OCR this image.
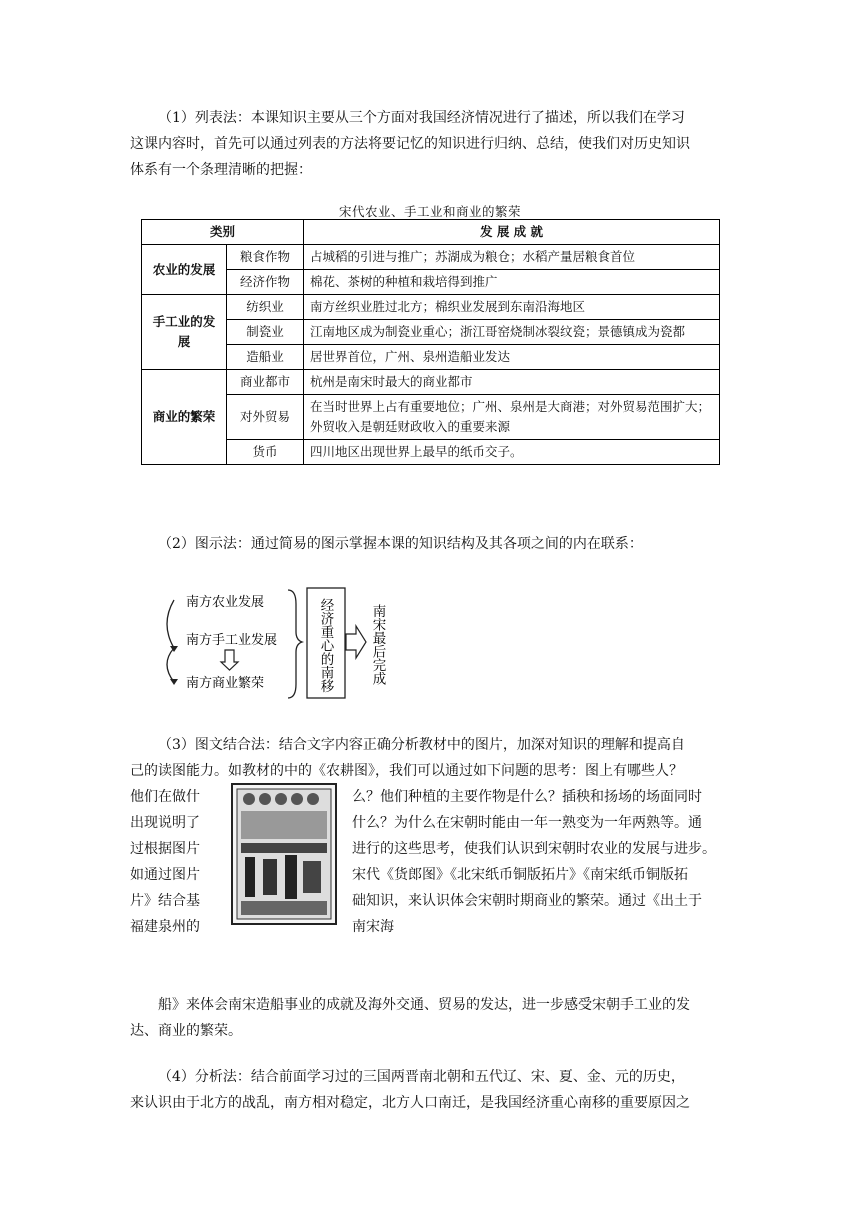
（1）列表法：本课知识主要从三个方面对我国经济情况进行了描述，所以我们在学习
这课内容时，首先可以通过列表的方法将要记忆的知识进行归纳、总结，使我们对历史知识
体系有一个条理清晰的把握：
宋代农业、手工业和商业的繁荣
类别		发 展 成 就
农业的发展	粮食作物	占城稻的引进与推广；苏湖成为粮仓；水稻产量居粮食首位
	经济作物	棉花、茶树的种植和栽培得到推广
手工业的发展	纺织业	南方丝织业胜过北方；棉织业发展到东南沿海地区
	制瓷业	江南地区成为制瓷业重心；浙江哥窑烧制冰裂纹瓷；景德镇成为瓷都
	造船业	居世界首位，广州、泉州造船业发达
商业的繁荣	商业都市	杭州是南宋时最大的商业都市
	对外贸易	在当时世界上占有重要地位；广州、泉州是大商港；对外贸易范围扩大；
外贸收入是朝廷财政收入的重要来源
	货币	四川地区出现世界上最早的纸币交子。
（2）图示法：通过简易的图示掌握本课的知识结构及其各项之间的内在联系：
南方农业发展
南方手工业发展
南方商业繁荣	经济重心的南移	南宋最后完成
（3）图文结合法：结合文字内容正确分析教材中的图片，加深对知识的理解和提高自
己的读图能力。如教材的中的《农耕图》，我们可以通过如下问题的思考：图上有哪些人？
他们在做什
出现说明了
过根据图片
如通过图片
片》结合基
福建泉州的
么？他们种植的主要作物是什么？插秧和扬场的场面同时
什么？为什么在宋朝时能由一年一熟变为一年两熟等。通
进行的这些思考，使我们认识到宋朝时农业的发展与进步。
宋代《货郎图》《北宋纸币铜版拓片》《南宋纸币铜版拓
础知识，来认识体会宋朝时期商业的繁荣。通过《出土于
南宋海
船》来体会南宋造船事业的成就及海外交通、贸易的发达，进一步感受宋朝手工业的发
达、商业的繁荣。
（4）分析法：结合前面学习过的三国两晋南北朝和五代辽、宋、夏、金、元的历史，
来认识由于北方的战乱，南方相对稳定，北方人口南迁，是我国经济重心南移的重要原因之
